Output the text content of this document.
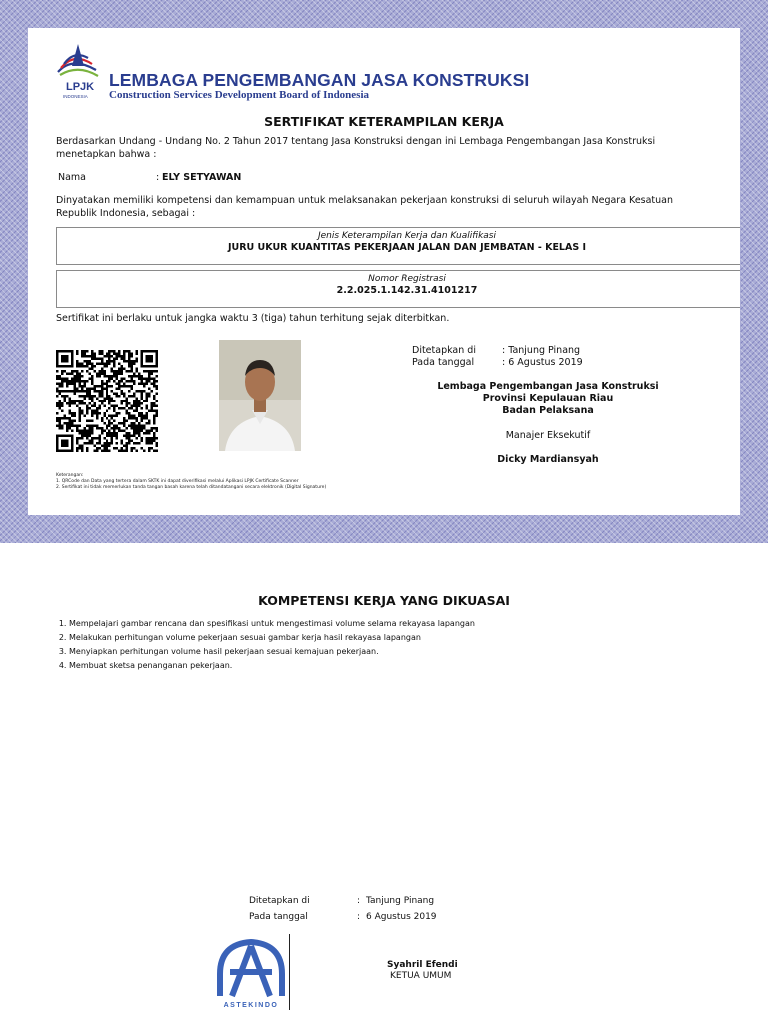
LPJK
INDONESIA
LEMBAGA PENGEMBANGAN JASA KONSTRUKSI
Construction Services Development Board of Indonesia
SERTIFIKAT KETERAMPILAN KERJA
Berdasarkan Undang - Undang No. 2 Tahun 2017 tentang Jasa Konstruksi dengan ini Lembaga Pengembangan Jasa Konstruksi menetapkan bahwa :
Nama	: ELY SETYAWAN
Dinyatakan memiliki kompetensi dan kemampuan untuk melaksanakan pekerjaan konstruksi di seluruh wilayah Negara Kesatuan Republik Indonesia, sebagai :
Jenis Keterampilan Kerja dan Kualifikasi
JURU UKUR KUANTITAS PEKERJAAN JALAN DAN JEMBATAN - KELAS I
Nomor Registrasi
2.2.025.1.142.31.4101217
Sertifikat ini berlaku untuk jangka waktu 3 (tiga) tahun terhitung sejak diterbitkan.
Keterangan:
1. QRCode dan Data yang tertera dalam SKTK ini dapat diverifikasi melalui Aplikasi LPJK Certificate Scanner
2. Sertifikat ini tidak memerlukan tanda tangan basah karena telah ditandatangani secara elektronik (Digital Signature)
Ditetapkan di	: Tanjung Pinang
Pada tanggal	: 6 Agustus 2019
Lembaga Pengembangan Jasa Konstruksi
Provinsi Kepulauan Riau
Badan Pelaksana
Manajer Eksekutif
Dicky Mardiansyah
KOMPETENSI KERJA YANG DIKUASAI
1. Mempelajari gambar rencana dan spesifikasi untuk mengestimasi volume selama rekayasa lapangan
2. Melakukan perhitungan volume pekerjaan sesuai gambar kerja hasil rekayasa lapangan
3. Menyiapkan perhitungan volume hasil pekerjaan sesuai kemajuan pekerjaan.
4. Membuat sketsa penanganan pekerjaan.
Ditetapkan di	: Tanjung Pinang
Pada tanggal	: 6 Agustus 2019
ASTEKINDO
Syahril Efendi
KETUA UMUM
